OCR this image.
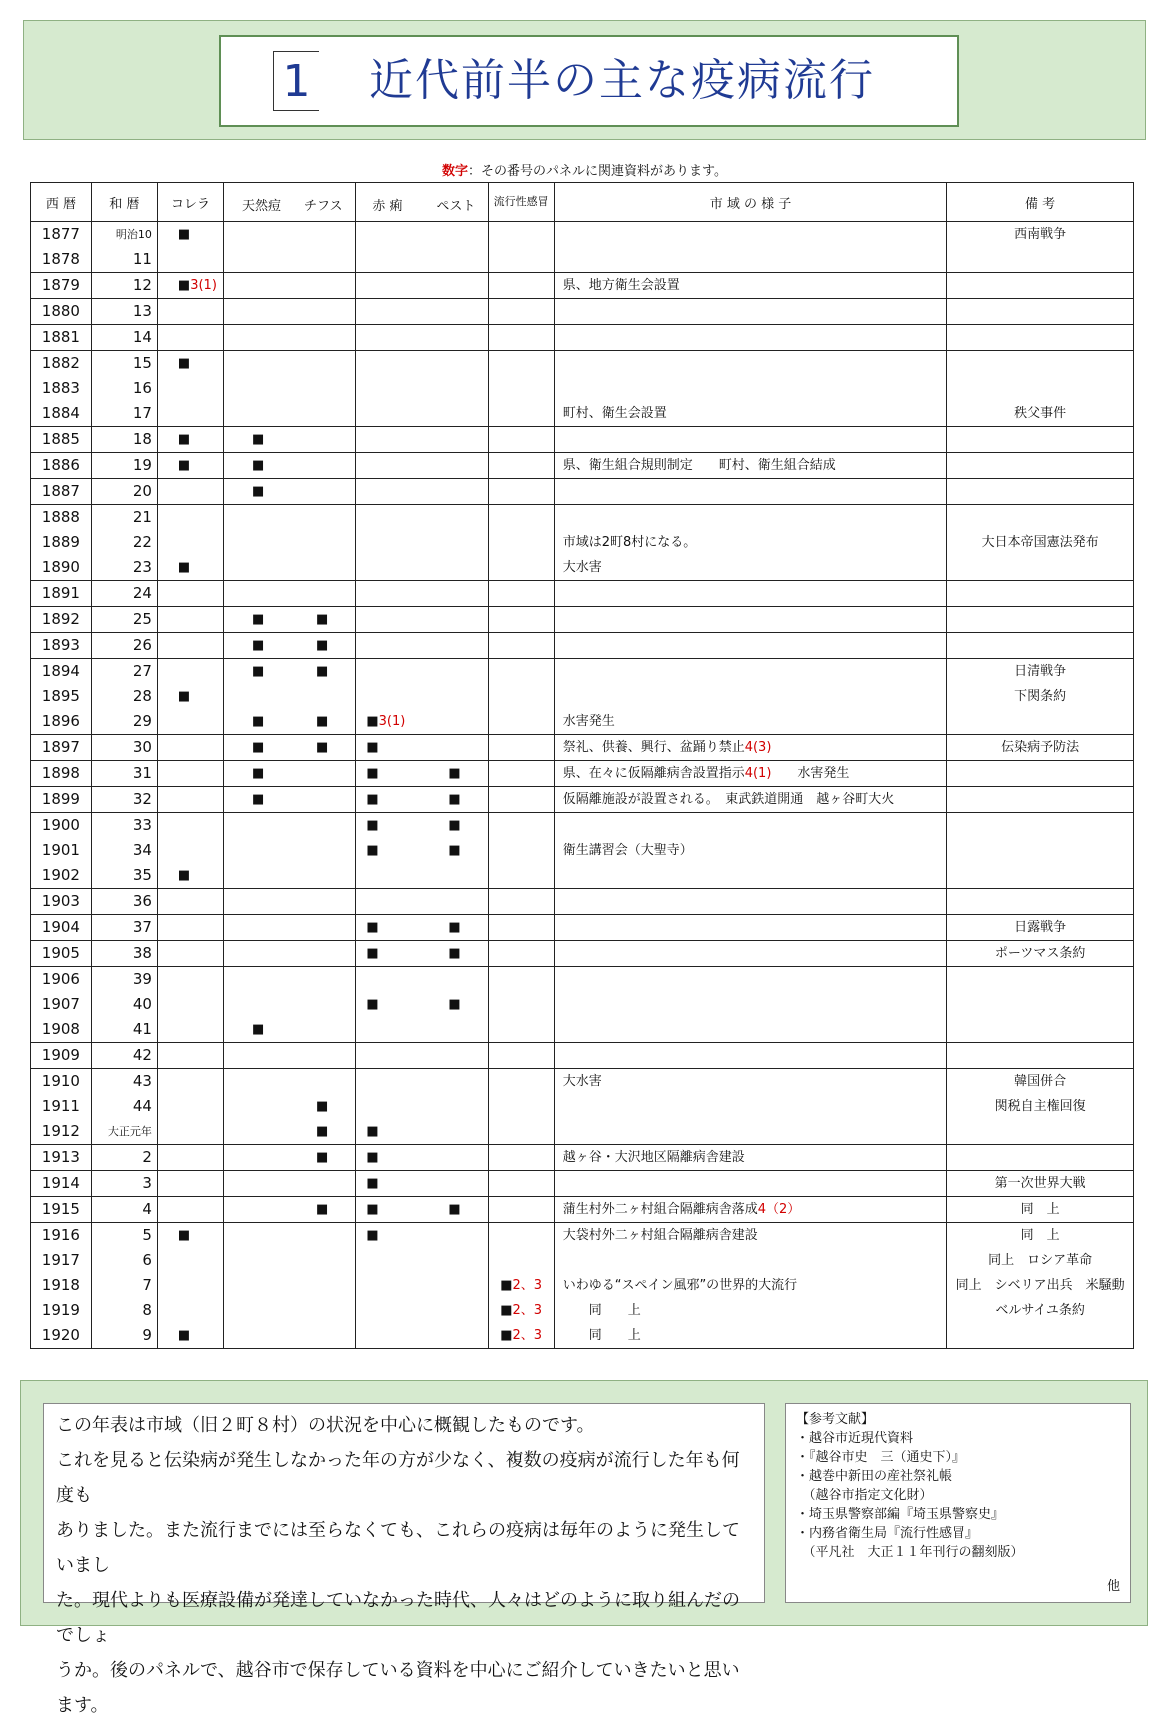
1 近代前半の主な疫病流行
数字：その番号のパネルに関連資料があります。
西 暦	和 暦	コレラ	天然痘 チフス	赤 痢 ペスト	流行性感冒	市 域 の 様 子	備 考
1877	明治10	■					西南戦争
1878	11						
1879	12	■3(1)				県、地方衛生会設置	
1880	13						
1881	14						
1882	15	■					
1883	16						
1884	17					町村、衛生会設置	秩父事件
1885	18	■	■				

1886	19	■	■			県、衛生組合規則制定　　町村、衛生組合結成	
1887	20		■				

1888	21						
1889	22					市域は2町8村になる。	大日本帝国憲法発布
1890	23	■				大水害	
1891	24						
1892	25		■ ■				

1893	26		■ ■				

1894	27		■ ■				日清戦争
1895	28	■					下関条約
1896	29		■ ■	■3(1)		水害発生	
1897	30		■ ■	■		祭礼、供養、興行、盆踊り禁止4(3)	伝染病予防法
1898	31		■	■ ■		県、在々に仮隔離病舎設置指示4(1)　　水害発生	
1899	32		■	■ ■		仮隔離施設が設置される。　東武鉄道開通　越ヶ谷町大火	
1900	33			■ ■			

1901	34			■ ■		衛生講習会（大聖寺）	
1902	35	■					
1903	36						
1904	37			■ ■			日露戦争
1905	38			■ ■			ポーツマス条約
1906	39						
1907	40			■ ■			

1908	41		■				

1909	42						
1910	43					大水害	韓国併合
1911	44		■				関税自主権回復
1912	大正元年		■	■			

1913	2		■	■		越ヶ谷・大沢地区隔離病舎建設	
1914	3			■			第一次世界大戦
1915	4		■	■ ■		蒲生村外二ヶ村組合隔離病舎落成4（2）	同　上
1916	5	■		■		大袋村外二ヶ村組合隔離病舎建設	同　上
1917	6						同上　ロシア革命
1918	7				■2、3	いわゆる“スペイン風邪”の世界的大流行	同上　シベリア出兵　米騒動
1919	8				■2、3	　　同　　上	ベルサイユ条約
1920	9	■			■2、3	　　同　　上	

この年表は市域（旧２町８村）の状況を中心に概観したものです。

これを見ると伝染病が発生しなかった年の方が少なく、複数の疫病が流行した年も何度も

ありました。また流行までには至らなくても、これらの疫病は毎年のように発生していまし

た。現代よりも医療設備が発達していなかった時代、人々はどのように取り組んだのでしょ

うか。後のパネルで、越谷市で保存している資料を中心にご紹介していきたいと思います。

【参考文献】
・越谷市近現代資料
・『越谷市史　三（通史下）』
・越巻中新田の産社祭礼帳
　（越谷市指定文化財）
・埼玉県警察部編『埼玉県警察史』
・内務省衛生局『流行性感冒』
　（平凡社　大正１１年刊行の翻刻版）
他
